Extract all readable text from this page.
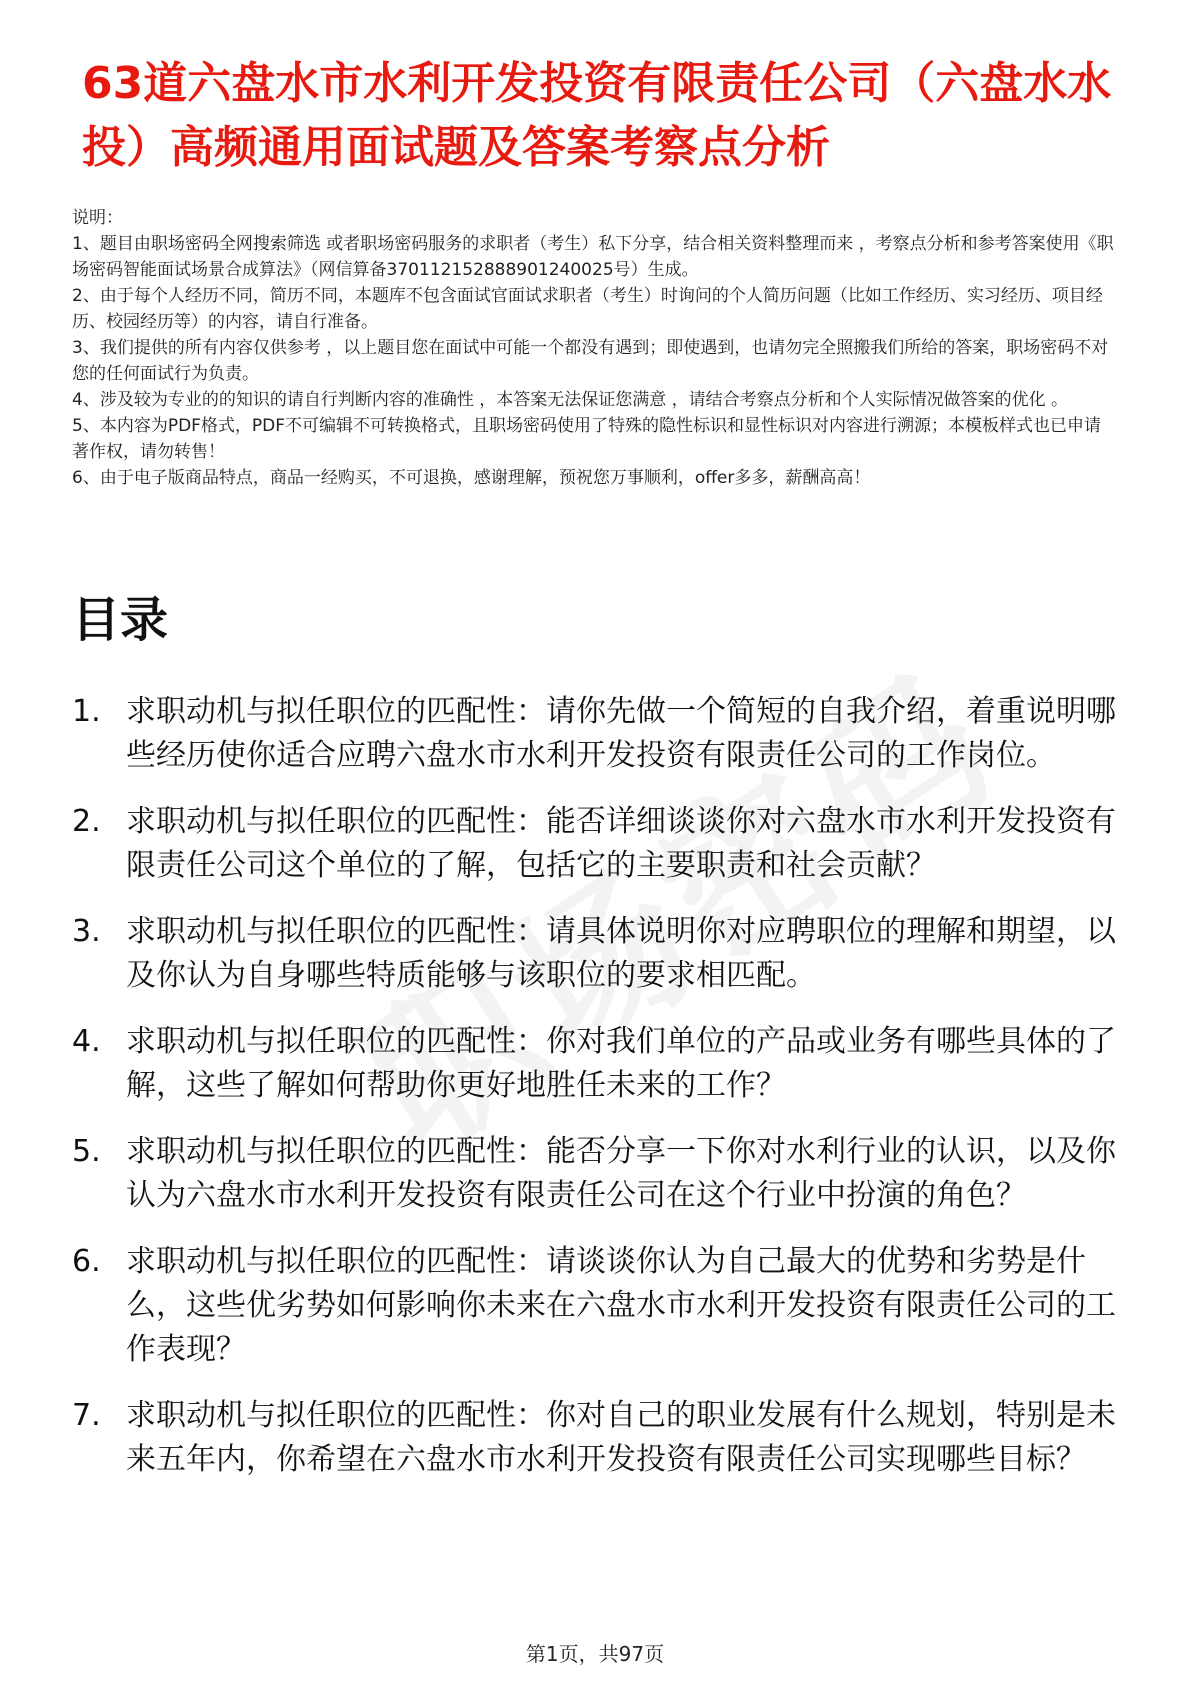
63道六盘水市水利开发投资有限责任公司（六盘水水投）高频通用面试题及答案考察点分析

说明：

1、题目由职场密码全网搜索筛选 或者职场密码服务的求职者（考生）私下分享，结合相关资料整理而来 ，考察点分析和参考答案使用《职场密码智能面试场景合成算法》（网信算备370112152888901240025号）生成。

2、由于每个人经历不同，简历不同，本题库不包含面试官面试求职者（考生）时询问的个人简历问题（比如工作经历、实习经历、项目经历、校园经历等）的内容，请自行准备。

3、我们提供的所有内容仅供参考 ，以上题目您在面试中可能一个都没有遇到；即使遇到，也请勿完全照搬我们所给的答案，职场密码不对您的任何面试行为负责。

4、涉及较为专业的的知识的请自行判断内容的准确性 ，本答案无法保证您满意 ，请结合考察点分析和个人实际情况做答案的优化 。

5、本内容为PDF格式，PDF不可编辑不可转换格式，且职场密码使用了特殊的隐性标识和显性标识对内容进行溯源；本模板样式也已申请著作权，请勿转售！

6、由于电子版商品特点，商品一经购买，不可退换，感谢理解，预祝您万事顺利，offer多多，薪酬高高！

目录
1. 求职动机与拟任职位的匹配性：请你先做一个简短的自我介绍，着重说明哪些经历使你适合应聘六盘水市水利开发投资有限责任公司的工作岗位。
2. 求职动机与拟任职位的匹配性：能否详细谈谈你对六盘水市水利开发投资有限责任公司这个单位的了解，包括它的主要职责和社会贡献？
3. 求职动机与拟任职位的匹配性：请具体说明你对应聘职位的理解和期望，以及你认为自身哪些特质能够与该职位的要求相匹配。
4. 求职动机与拟任职位的匹配性：你对我们单位的产品或业务有哪些具体的了解，这些了解如何帮助你更好地胜任未来的工作？
5. 求职动机与拟任职位的匹配性：能否分享一下你对水利行业的认识，以及你认为六盘水市水利开发投资有限责任公司在这个行业中扮演的角色？
6. 求职动机与拟任职位的匹配性：请谈谈你认为自己最大的优势和劣势是什么，这些优劣势如何影响你未来在六盘水市水利开发投资有限责任公司的工作表现？
7. 求职动机与拟任职位的匹配性：你对自己的职业发展有什么规划，特别是未来五年内，你希望在六盘水市水利开发投资有限责任公司实现哪些目标？
第1页，共97页
